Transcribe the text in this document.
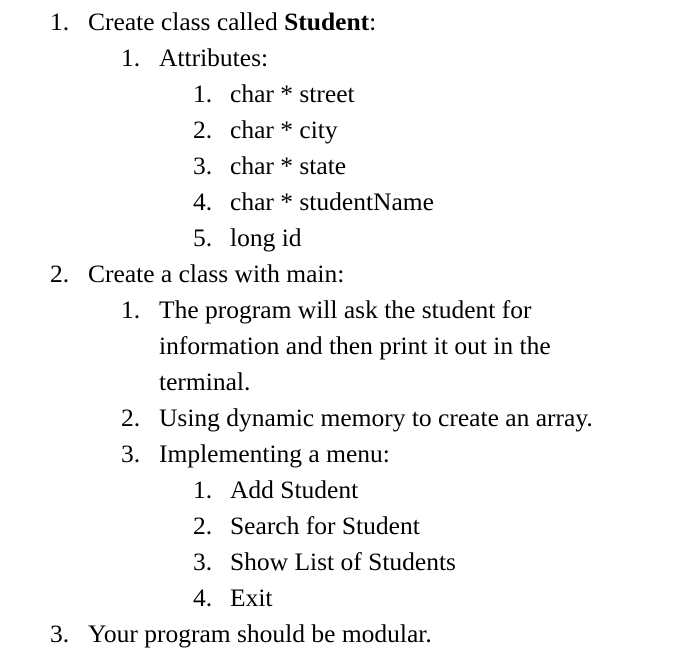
1. Create class called Student:
1. Attributes:
1. char * street
2. char * city
3. char * state
4. char * studentName
5. long id
2. Create a class with main:
1. The program will ask the student for
information and then print it out in the
terminal.
2. Using dynamic memory to create an array.
3. Implementing a menu:
1. Add Student
2. Search for Student
3. Show List of Students
4. Exit
3. Your program should be modular.
